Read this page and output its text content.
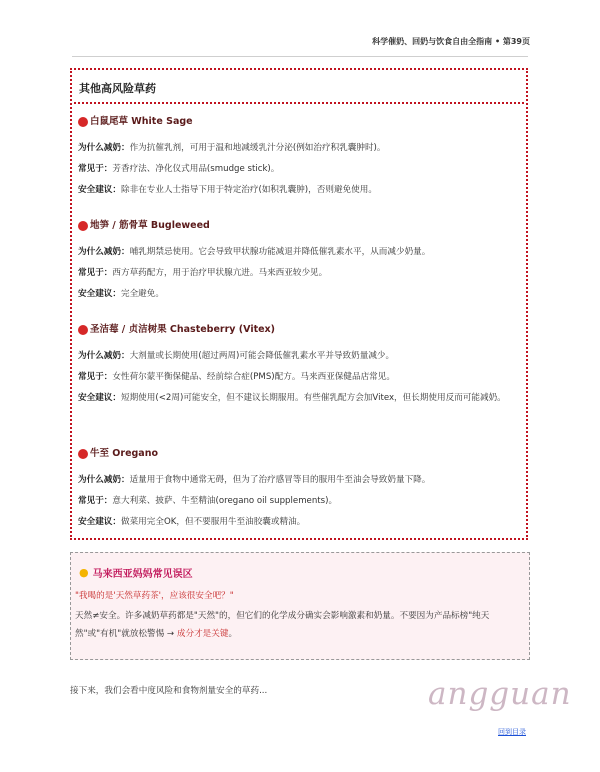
科学催奶、回奶与饮食自由全指南 • 第39页
其他高风险草药
白鼠尾草 White Sage
为什么减奶：作为抗催乳剂，可用于温和地减缓乳汁分泌(例如治疗积乳囊肿时)。
常见于：芳香疗法、净化仪式用品(smudge stick)。
安全建议：除非在专业人士指导下用于特定治疗(如积乳囊肿)，否则避免使用。
地笋 / 筋骨草 Bugleweed
为什么减奶：哺乳期禁忌使用。它会导致甲状腺功能减退并降低催乳素水平，从而减少奶量。
常见于：西方草药配方，用于治疗甲状腺亢进。马来西亚较少见。
安全建议：完全避免。
圣洁莓 / 贞洁树果 Chasteberry (Vitex)
为什么减奶：大剂量或长期使用(超过两周)可能会降低催乳素水平并导致奶量减少。
常见于：女性荷尔蒙平衡保健品、经前综合症(PMS)配方。马来西亚保健品店常见。
安全建议：短期使用(<2周)可能安全，但不建议长期服用。有些催乳配方会加Vitex，但长期使用反而可能减奶。
牛至 Oregano
为什么减奶：适量用于食物中通常无碍，但为了治疗感冒等目的服用牛至油会导致奶量下降。
常见于：意大利菜、披萨、牛至精油(oregano oil supplements)。
安全建议：做菜用完全OK，但不要服用牛至油胶囊或精油。
● 马来西亚妈妈常见误区
"我喝的是'天然草药茶'，应该很安全吧？"
天然≠安全。许多减奶草药都是"天然"的，但它们的化学成分确实会影响激素和奶量。不要因为产品标榜"纯天然"或"有机"就放松警惕 → 成分才是关键。
接下来，我们会看中度风险和食物剂量安全的草药...	angguan
回到目录
